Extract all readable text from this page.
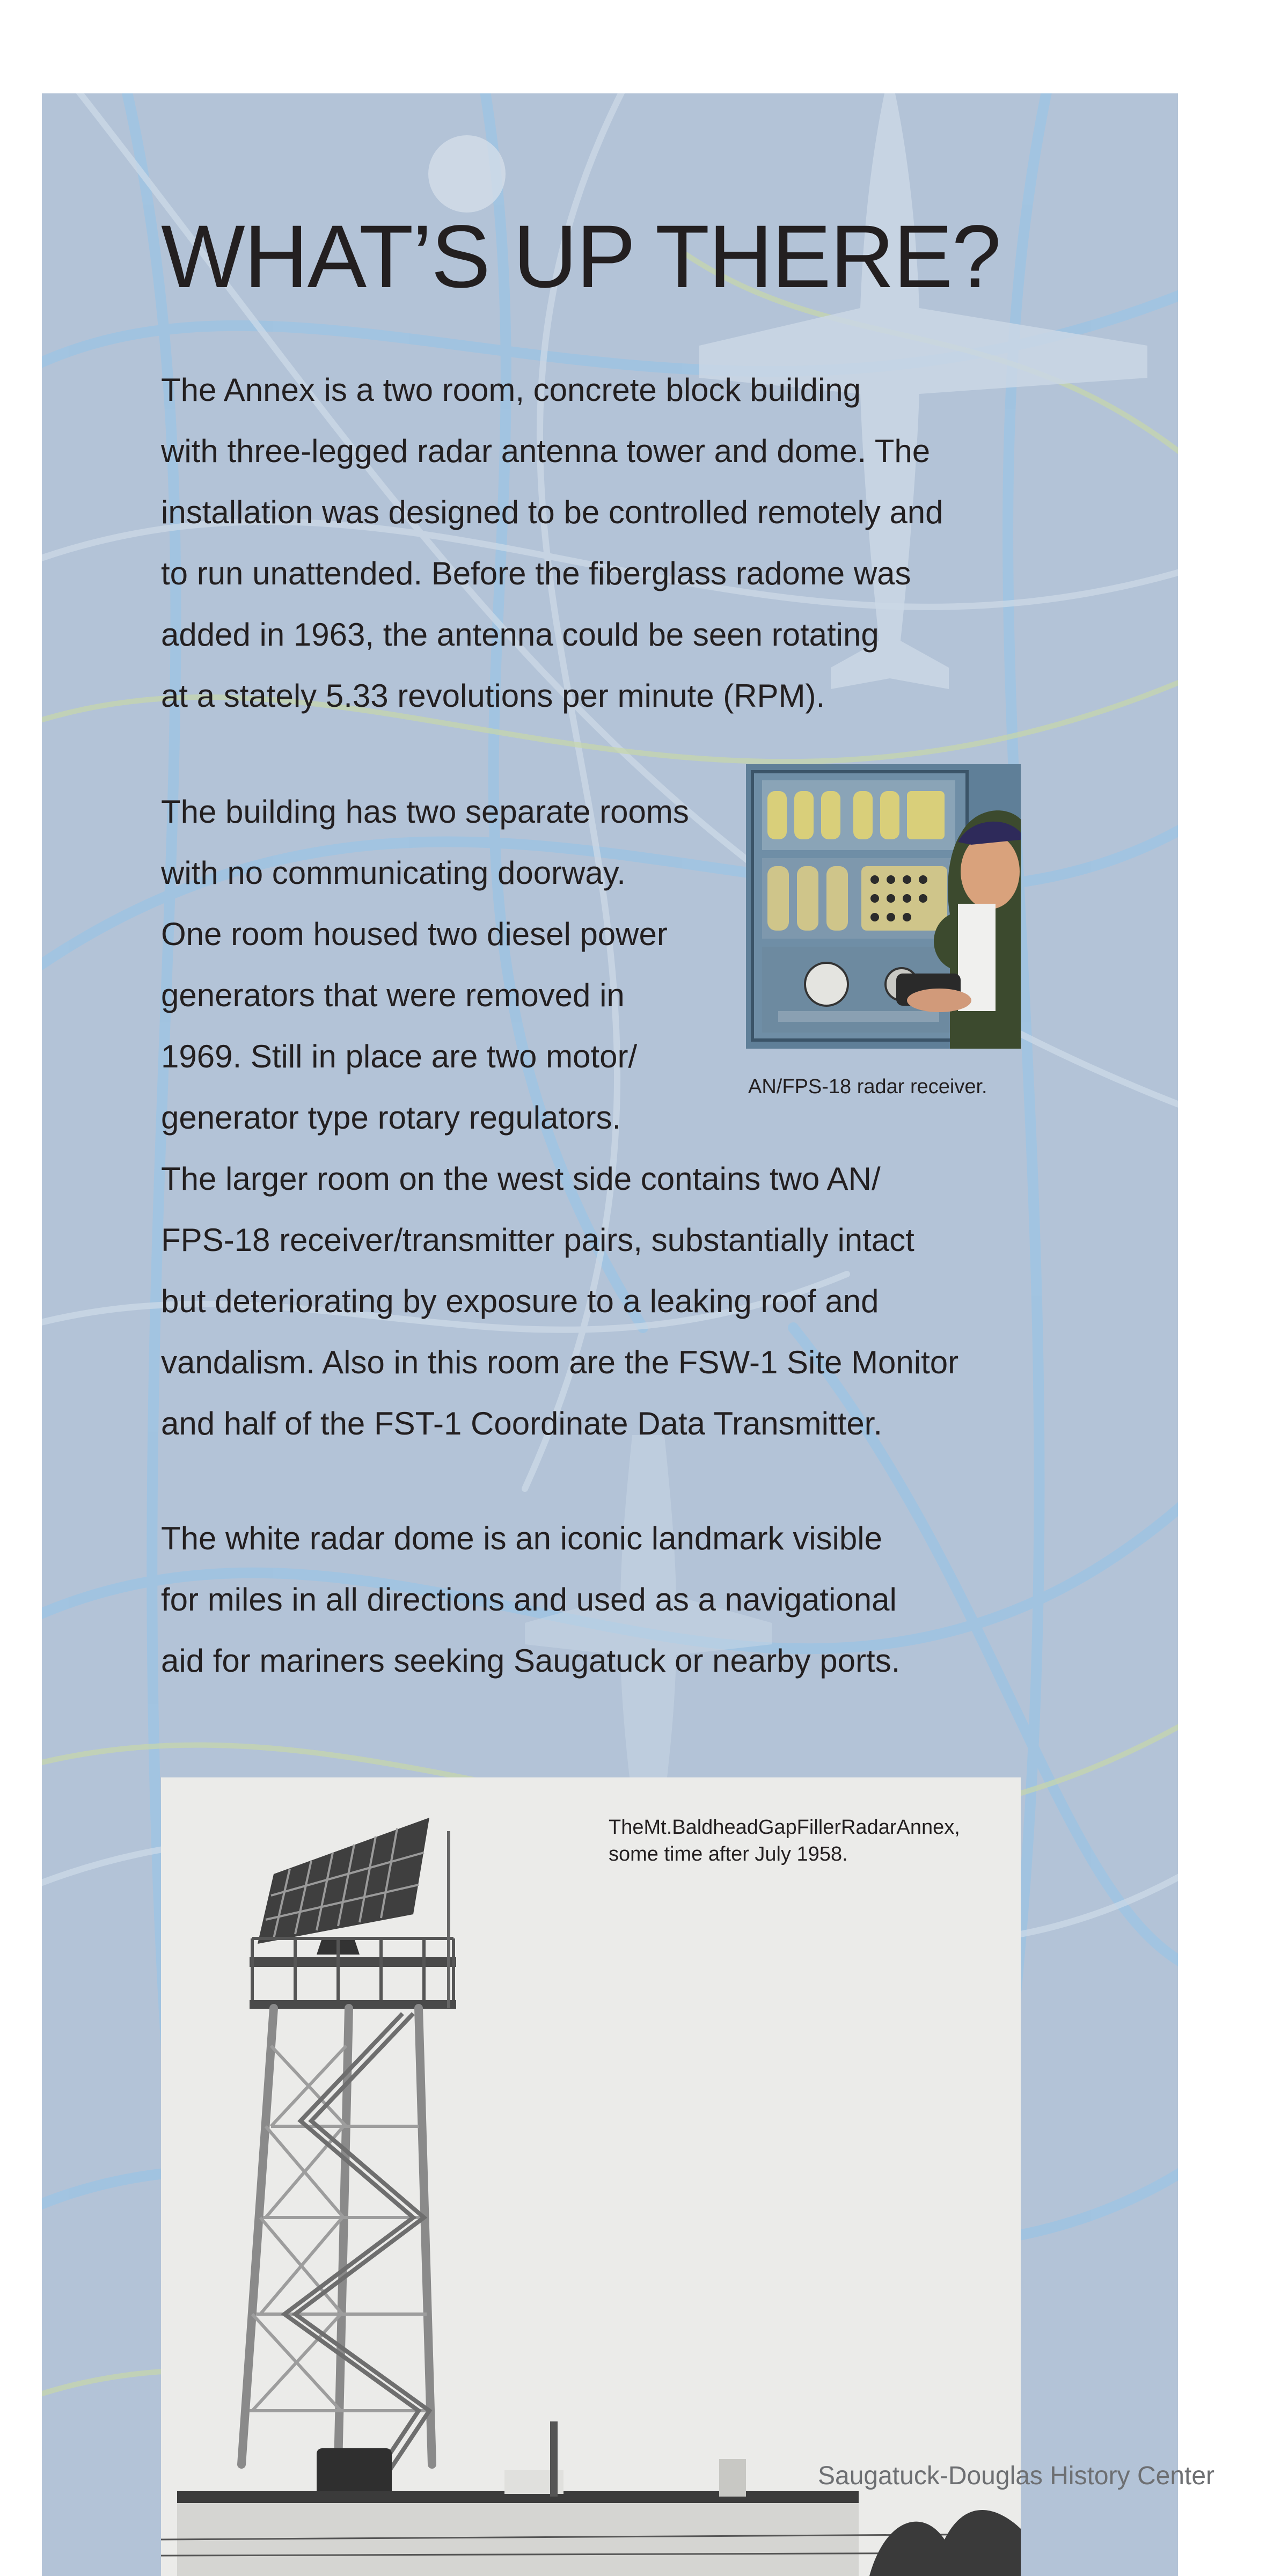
WHAT’S UP THERE?

The Annex is a two room, concrete block building
with three-legged radar antenna tower and dome. The
installation was designed to be controlled remotely and
to run unattended. Before the fiberglass radome was
added in 1963, the antenna could be seen rotating
at a stately 5.33 revolutions per minute (RPM).

The building has two separate rooms
with no communicating doorway.
One room housed two diesel power
generators that were removed in
1969. Still in place are two motor/
generator type rotary regulators.
The larger room on the west side contains two AN/
FPS-18 receiver/transmitter pairs, substantially intact
but deteriorating by exposure to a leaking roof and
vandalism. Also in this room are the FSW-1 Site Monitor
and half of the FST-1 Coordinate Data Transmitter.

AN/FPS-18 radar receiver.

The white radar dome is an iconic landmark visible
for miles in all directions and used as a navigational
aid for mariners seeking Saugatuck or nearby ports.

TheMt.BaldheadGapFillerRadarAnnex,
some time after July 1958.
Saugatuck-Douglas History Center
